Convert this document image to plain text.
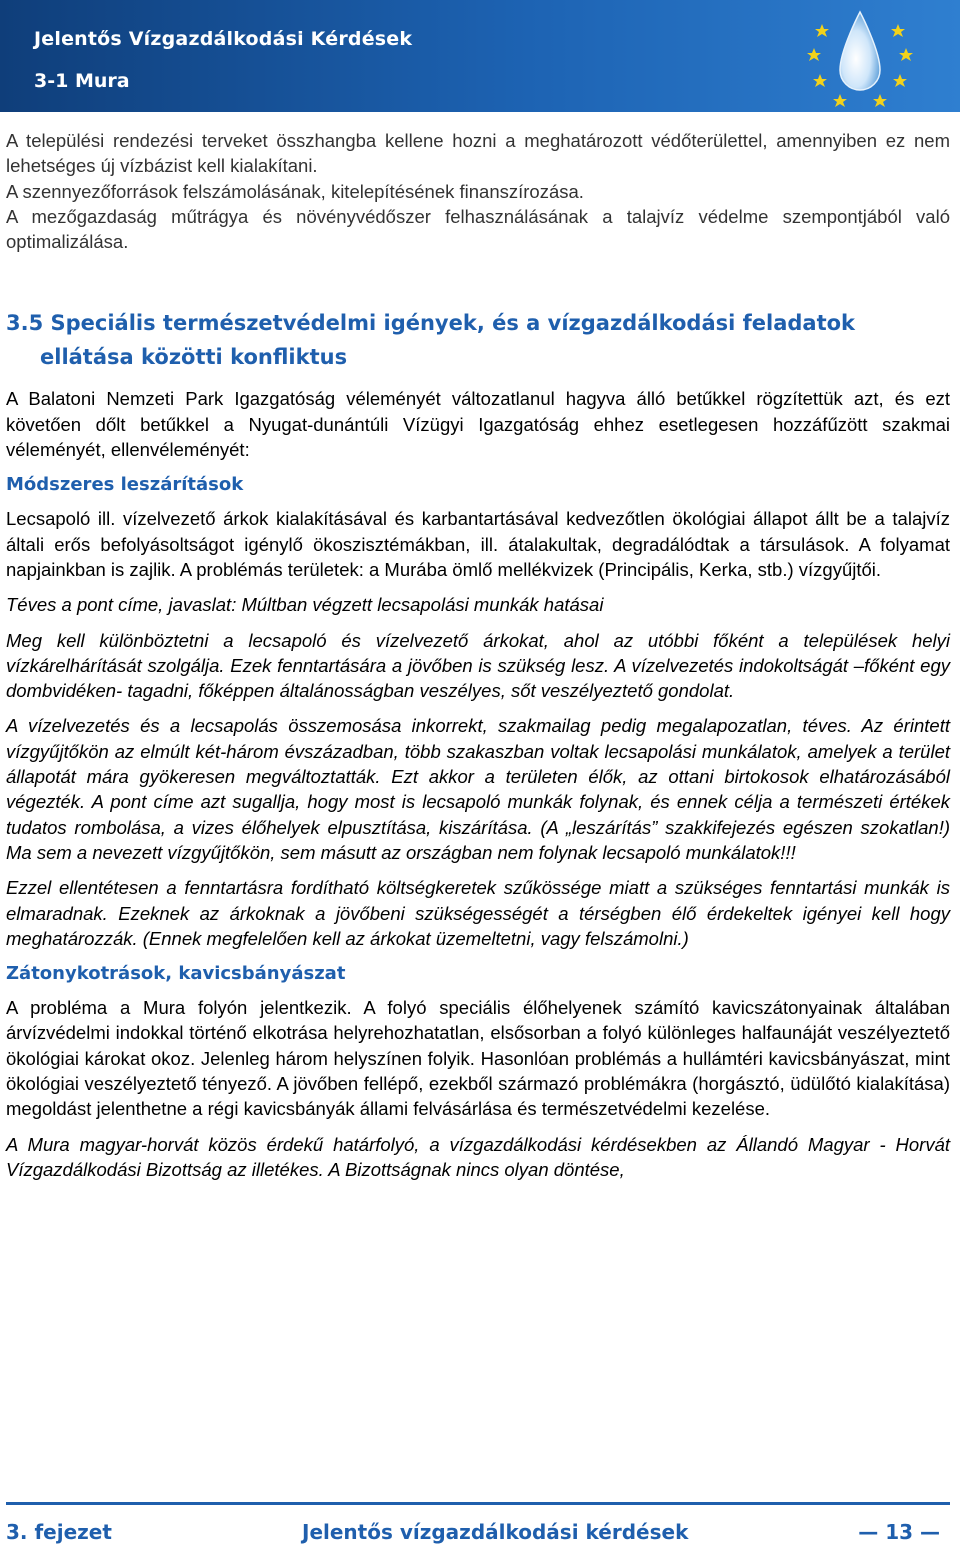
Jelentős Vízgazdálkodási Kérdések
3-1 Mura

A települési rendezési terveket összhangba kellene hozni a meghatározott védőterülettel, amennyiben ez nem lehetséges új vízbázist kell kialakítani.

A szennyezőforrások felszámolásának, kitelepítésének finanszírozása.

A mezőgazdaság műtrágya és növényvédőszer felhasználásának a talajvíz védelme szempontjából való optimalizálása.

3.5 Speciális természetvédelmi igények, és a vízgazdálkodási feladatok ellátása közötti konfliktus

A Balatoni Nemzeti Park Igazgatóság véleményét változatlanul hagyva álló betűkkel rögzítettük azt, és ezt követően dőlt betűkkel a Nyugat-dunántúli Vízügyi Igazgatóság ehhez esetlegesen hozzáfűzött szakmai véleményét, ellenvéleményét:

Módszeres leszárítások

Lecsapoló ill. vízelvezető árkok kialakításával és karbantartásával kedvezőtlen ökológiai állapot állt be a talajvíz általi erős befolyásoltságot igénylő ökoszisztémákban, ill. átalakultak, degradálódtak a társulások. A folyamat napjainkban is zajlik. A problémás területek: a Murába ömlő mellékvizek (Principális, Kerka, stb.) vízgyűjtői.

Téves a pont címe, javaslat: Múltban végzett lecsapolási munkák hatásai

Meg kell különböztetni a lecsapoló és vízelvezető árkokat, ahol az utóbbi főként a települések helyi vízkárelhárítását szolgálja. Ezek fenntartására a jövőben is szükség lesz. A vízelvezetés indokoltságát –főként egy dombvidéken- tagadni, főképpen általánosságban veszélyes, sőt veszélyeztető gondolat.

A vízelvezetés és a lecsapolás összemosása inkorrekt, szakmailag pedig megalapozatlan, téves. Az érintett vízgyűjtőkön az elmúlt két-három évszázadban, több szakaszban voltak lecsapolási munkálatok, amelyek a terület állapotát mára gyökeresen megváltoztatták. Ezt akkor a területen élők, az ottani birtokosok elhatározásából végezték. A pont címe azt sugallja, hogy most is lecsapoló munkák folynak, és ennek célja a természeti értékek tudatos rombolása, a vizes élőhelyek elpusztítása, kiszárítása. (A „leszárítás” szakkifejezés egészen szokatlan!) Ma sem a nevezett vízgyűjtőkön, sem másutt az országban nem folynak lecsapoló munkálatok!!!

Ezzel ellentétesen a fenntartásra fordítható költségkeretek szűkössége miatt a szükséges fenntartási munkák is elmaradnak. Ezeknek az árkoknak a jövőbeni szükségességét a térségben élő érdekeltek igényei kell hogy meghatározzák. (Ennek megfelelően kell az árkokat üzemeltetni, vagy felszámolni.)

Zátonykotrások, kavicsbányászat

A probléma a Mura folyón jelentkezik. A folyó speciális élőhelyenek számító kavicszátonyainak általában árvízvédelmi indokkal történő elkotrása helyrehozhatatlan, elsősorban a folyó különleges halfaunáját veszélyeztető ökológiai károkat okoz. Jelenleg három helyszínen folyik. Hasonlóan problémás a hullámtéri kavicsbányászat, mint ökológiai veszélyeztető tényező. A jövőben fellépő, ezekből származó problémákra (horgásztó, üdülőtó kialakítása) megoldást jelenthetne a régi kavicsbányák állami felvásárlása és természetvédelmi kezelése.

A Mura magyar-horvát közös érdekű határfolyó, a vízgazdálkodási kérdésekben az Állandó Magyar - Horvát Vízgazdálkodási Bizottság az illetékes. A Bizottságnak nincs olyan döntése,

3. fejezet	Jelentős vízgazdálkodási kérdések	— 13 —
